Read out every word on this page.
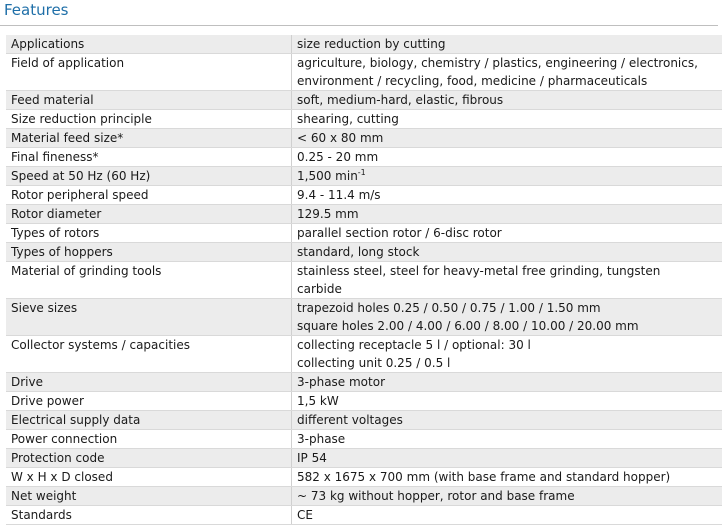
Features
Applications	size reduction by cutting

Field of application	agriculture, biology, chemistry / plastics, engineering / electronics,
environment / recycling, food, medicine / pharmaceuticals

Feed material	soft, medium-hard, elastic, fibrous

Size reduction principle	shearing, cutting

Material feed size*	< 60 x 80 mm

Final fineness*	0.25 - 20 mm

Speed at 50 Hz (60 Hz)	1,500 $\min^{-1}$

Rotor peripheral speed	9.4 - 11.4 m/s

Rotor diameter	129.5 mm

Types of rotors	parallel section rotor / 6-disc rotor

Types of hoppers	standard, long stock

Material of grinding tools	stainless steel, steel for heavy-metal free grinding, tungsten
carbide

Sieve sizes	trapezoid holes 0.25 / 0.50 / 0.75 / 1.00 / 1.50 mm
square holes 2.00 / 4.00 / 6.00 / 8.00 / 10.00 / 20.00 mm

Collector systems / capacities	collecting receptacle 5 l / optional: 30 l
collecting unit 0.25 / 0.5 l

Drive	3-phase motor

Drive power	1,5 kW

Electrical supply data	different voltages

Power connection	3-phase

Protection code	IP 54

W x H x D closed	582 x 1675 x 700 mm (with base frame and standard hopper)

Net weight	~ 73 kg without hopper, rotor and base frame

Standards	CE
